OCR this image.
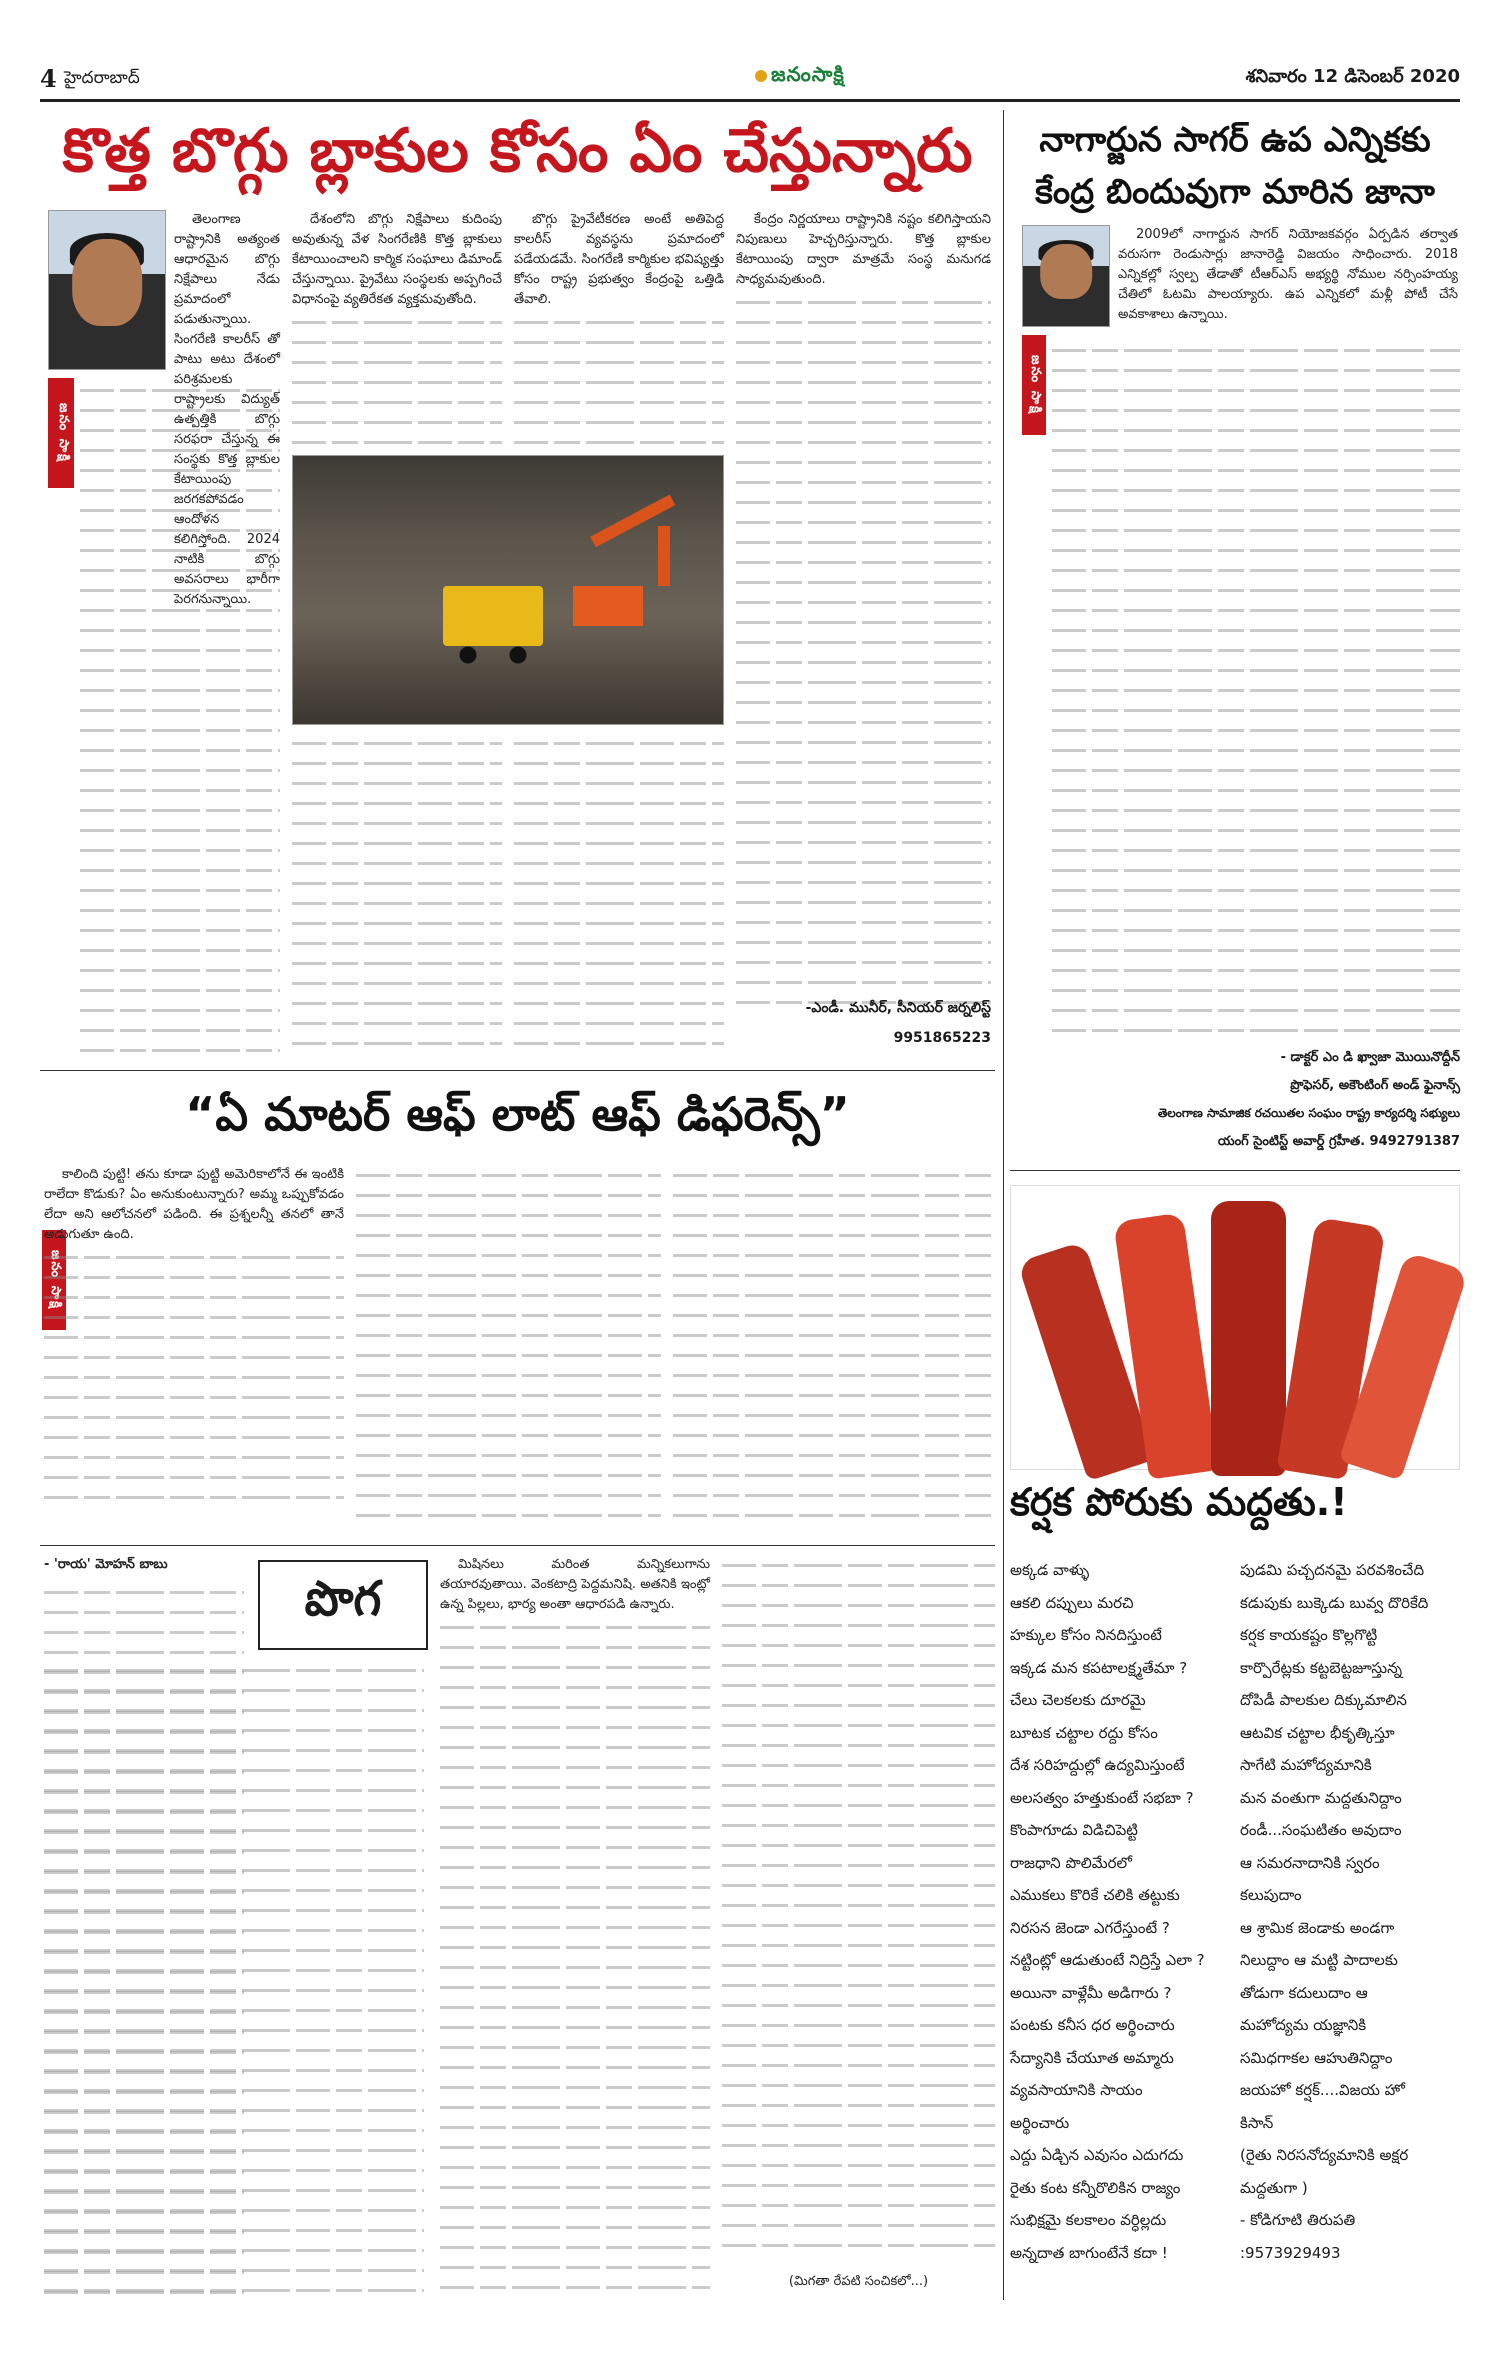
4 హైదరాబాద్	జనంసాక్షి	శనివారం 12 డిసెంబర్ 2020
కొత్త బొగ్గు బ్లాకుల కోసం ఏం చేస్తున్నారు
జనం సాక్షి

తెలంగాణ రాష్ట్రానికి అత్యంత ఆధారమైన బొగ్గు నిక్షేపాలు నేడు ప్రమాదంలో పడుతున్నాయి. సింగరేణి కాలరీస్ తో పాటు అటు దేశంలో పరిశ్రమలకు రాష్ట్రాలకు విద్యుత్ ఉత్పత్తికి బొగ్గు సరఫరా చేస్తున్న ఈ సంస్థకు కొత్త బ్లాకుల కేటాయింపు జరగకపోవడం ఆందోళన కలిగిస్తోంది. 2024 నాటికి బొగ్గు అవసరాలు భారీగా పెరగనున్నాయి.

దేశంలోని బొగ్గు నిక్షేపాలు కుదింపు అవుతున్న వేళ సింగరేణికి కొత్త బ్లాకులు కేటాయించాలని కార్మిక సంఘాలు డిమాండ్ చేస్తున్నాయి. ప్రైవేటు సంస్థలకు అప్పగించే విధానంపై వ్యతిరేకత వ్యక్తమవుతోంది.

బొగ్గు ప్రైవేటీకరణ అంటే అతిపెద్ద కాలరీస్ వ్యవస్థను ప్రమాదంలో పడేయడమే. సింగరేణి కార్మికుల భవిష్యత్తు కోసం రాష్ట్ర ప్రభుత్వం కేంద్రంపై ఒత్తిడి తేవాలి.

కేంద్రం నిర్ణయాలు రాష్ట్రానికి నష్టం కలిగిస్తాయని నిపుణులు హెచ్చరిస్తున్నారు. కొత్త బ్లాకుల కేటాయింపు ద్వారా మాత్రమే సంస్థ మనుగడ సాధ్యమవుతుంది.

-ఎండీ. మునీర్, సీనియర్ జర్నలిస్ట్
9951865223
నాగార్జున సాగర్ ఉప ఎన్నికకు
కేంద్ర బిందువుగా మారిన జానా
జనం సాక్షి

2009లో నాగార్జున సాగర్ నియోజకవర్గం ఏర్పడిన తర్వాత వరుసగా రెండుసార్లు జానారెడ్డి విజయం సాధించారు. 2018 ఎన్నికల్లో స్వల్ప తేడాతో టీఆర్ఎస్ అభ్యర్థి నోముల నర్సింహయ్య చేతిలో ఓటమి పాలయ్యారు. ఉప ఎన్నికలో మళ్లీ పోటీ చేసే అవకాశాలు ఉన్నాయి.

- డాక్టర్ ఎం డి ఖ్వాజా మొయినొద్దీన్
ప్రొఫెసర్, అకౌంటింగ్ అండ్ ఫైనాన్స్
తెలంగాణ సామాజిక రచయితల సంఘం రాష్ట్ర కార్యదర్శి సభ్యులు
యంగ్ సైంటిస్ట్ అవార్డ్ గ్రహీత. 9492791387
“ఏ మాటర్ ఆఫ్ లాట్ ఆఫ్ డిఫరెన్స్”
జనం సాక్షి

కాలింది పుట్టి! తను కూడా పుట్టి అమెరికాలోనే ఈ ఇంటికి రాలేదా కొడుకు? ఏం అనుకుంటున్నారు? అమ్మ ఒప్పుకోవడం లేదా అని ఆలోచనలో పడింది. ఈ ప్రశ్నలన్నీ తనలో తానే అడుగుతూ ఉంది.

- 'రాయ' మోహన్ బాబు
పొగ

మిషినలు మరింత మన్నికలుగాను తయారవుతాయి. వెంకటాద్రి పెద్దమనిషి. అతనికి ఇంట్లో ఉన్న పిల్లలు, భార్య అంతా ఆధారపడి ఉన్నారు.

(మిగతా రేపటి సంచికలో...)
కర్షక పోరుకు మద్దతు.!
అక్కడ వాళ్ళు
ఆకలి దప్పులు మరచి
హక్కుల కోసం నినదిస్తుంటే
ఇక్కడ మన కపటాలక్ష్మతేమా ?
చేలు చెలకలకు దూరమై
బూటక చట్టాల రద్దు కోసం
దేశ సరిహద్దుల్లో ఉద్యమిస్తుంటే
అలసత్వం హత్తుకుంటే సభబా ?
కొంపాగూడు విడిచిపెట్టి
రాజధాని పొలిమేరలో
ఎముకలు కొరికే చలికి తట్టుకు
నిరసన జెండా ఎగరేస్తుంటే ?
నట్టింట్లో ఆడుతుంటే నిద్రిస్తే ఎలా ?
అయినా వాళ్లేమీ అడిగారు ?
పంటకు కనీస ధర అర్థించారు
సేద్యానికి చేయూత అమ్మారు
వ్యవసాయానికి సాయం
అర్థించారు
ఎద్దు ఏడ్చిన ఎవుసం ఎదుగదు
రైతు కంట కన్నీరొలికిన రాజ్యం
సుభిక్షమై కలకాలం వర్ధిల్లదు
అన్నదాత బాగుంటేనే కదా !
పుడమి పచ్చదనమై పరవశించేది
కడుపుకు బుక్కెడు బువ్వ దొరికేది
కర్షక కాయకష్టం కొల్లగొట్టి
కార్పొరేట్లకు కట్టబెట్టజూస్తున్న
దోపిడీ పాలకుల దిక్కుమాలిన
ఆటవిక చట్టాల భీకృత్కిస్తూ
సాగేటి మహోద్యమానికి
మన వంతుగా మద్దతునిద్దాం
రండీ...సంఘటితం అవుదాం
ఆ సమరనాదానికి స్వరం
కలుపుదాం
ఆ శ్రామిక జెండాకు అండగా
నిలుద్దాం ఆ మట్టి పాదాలకు
తోడుగా కదులుదాం ఆ
మహోద్యమ యజ్ఞానికి
సమిధగాకల ఆహుతినిద్దాం
జయహో కర్షక్....విజయ హో
కిసాన్
(రైతు నిరసనోద్యమానికి అక్షర
మద్దతుగా )
- కోడిగూటి తిరుపతి
:9573929493
